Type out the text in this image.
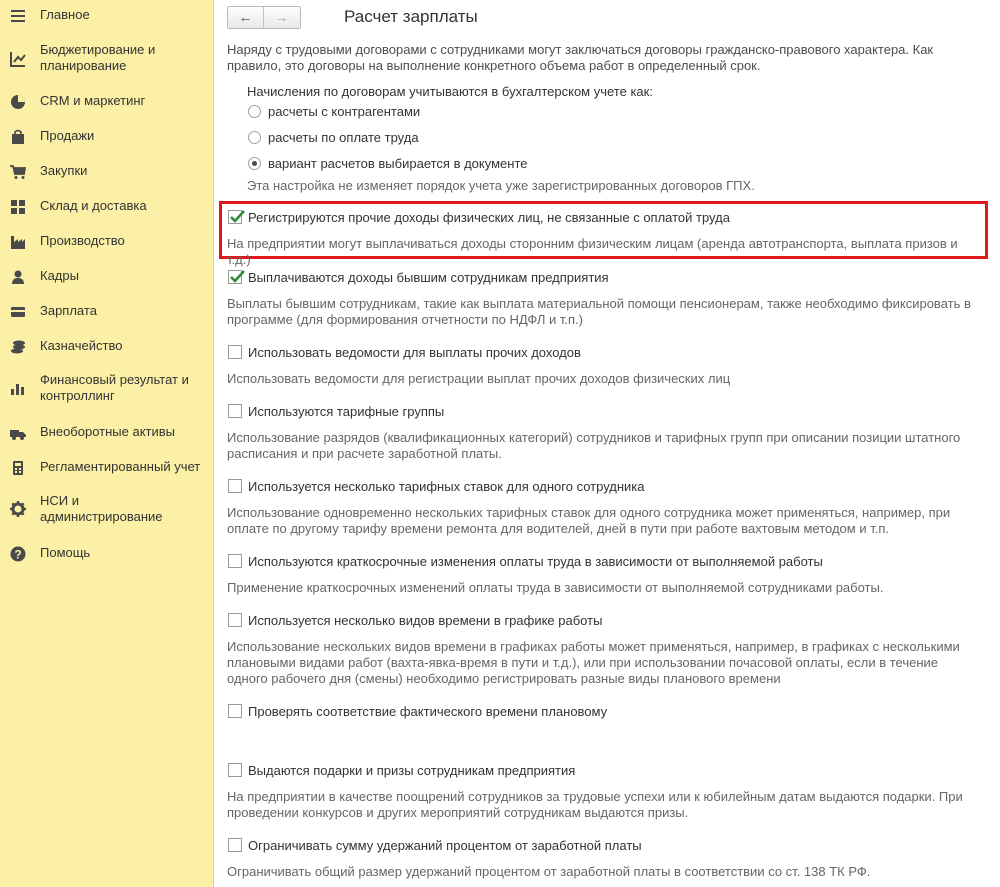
Главное
Бюджетирование и планирование
CRM и маркетинг
Продажи
Закупки
Склад и доставка
Производство
Кадры
Зарплата
Казначейство
Финансовый результат и контроллинг
Внеоборотные активы
Регламентированный учет
НСИ и администрирование
? Помощь
←	→	Расчет зарплаты
Наряду с трудовыми договорами с сотрудниками могут заключаться договоры гражданско-правового характера. Как правило, это договоры на выполнение конкретного объема работ в определенный срок.
Начисления по договорам учитываются в бухгалтерском учете как:
расчеты с контрагентами
расчеты по оплате труда
вариант расчетов выбирается в документе
Эта настройка не изменяет порядок учета уже зарегистрированных договоров ГПХ.
Регистрируются прочие доходы физических лиц, не связанные с оплатой труда
На предприятии могут выплачиваться доходы сторонним физическим лицам (аренда автотранспорта, выплата призов и т.д.)
Выплачиваются доходы бывшим сотрудникам предприятия
Выплаты бывшим сотрудникам, такие как выплата материальной помощи пенсионерам, также необходимо фиксировать в программе (для формирования отчетности по НДФЛ и т.п.)
Использовать ведомости для выплаты прочих доходов
Использовать ведомости для регистрации выплат прочих доходов физических лиц
Используются тарифные группы
Использование разрядов (квалификационных категорий) сотрудников и тарифных групп при описании позиции штатного расписания и при расчете заработной платы.
Используется несколько тарифных ставок для одного сотрудника
Использование одновременно нескольких тарифных ставок для одного сотрудника может применяться, например, при оплате по другому тарифу времени ремонта для водителей, дней в пути при работе вахтовым методом и т.п.
Используются краткосрочные изменения оплаты труда в зависимости от выполняемой работы
Применение краткосрочных изменений оплаты труда в зависимости от выполняемой сотрудниками работы.
Используется несколько видов времени в графике работы
Использование нескольких видов времени в графиках работы может применяться, например, в графиках с несколькими плановыми видами работ (вахта-явка-время в пути и т.д.), или при использовании почасовой оплаты, если в течение одного рабочего дня (смены) необходимо регистрировать разные виды планового времени
Проверять соответствие фактического времени плановому
Выдаются подарки и призы сотрудникам предприятия
На предприятии в качестве поощрений сотрудников за трудовые успехи или к юбилейным датам выдаются подарки. При проведении конкурсов и других мероприятий сотрудникам выдаются призы.
Ограничивать сумму удержаний процентом от заработной платы
Ограничивать общий размер удержаний процентом от заработной платы в соответствии со ст. 138 ТК РФ.
